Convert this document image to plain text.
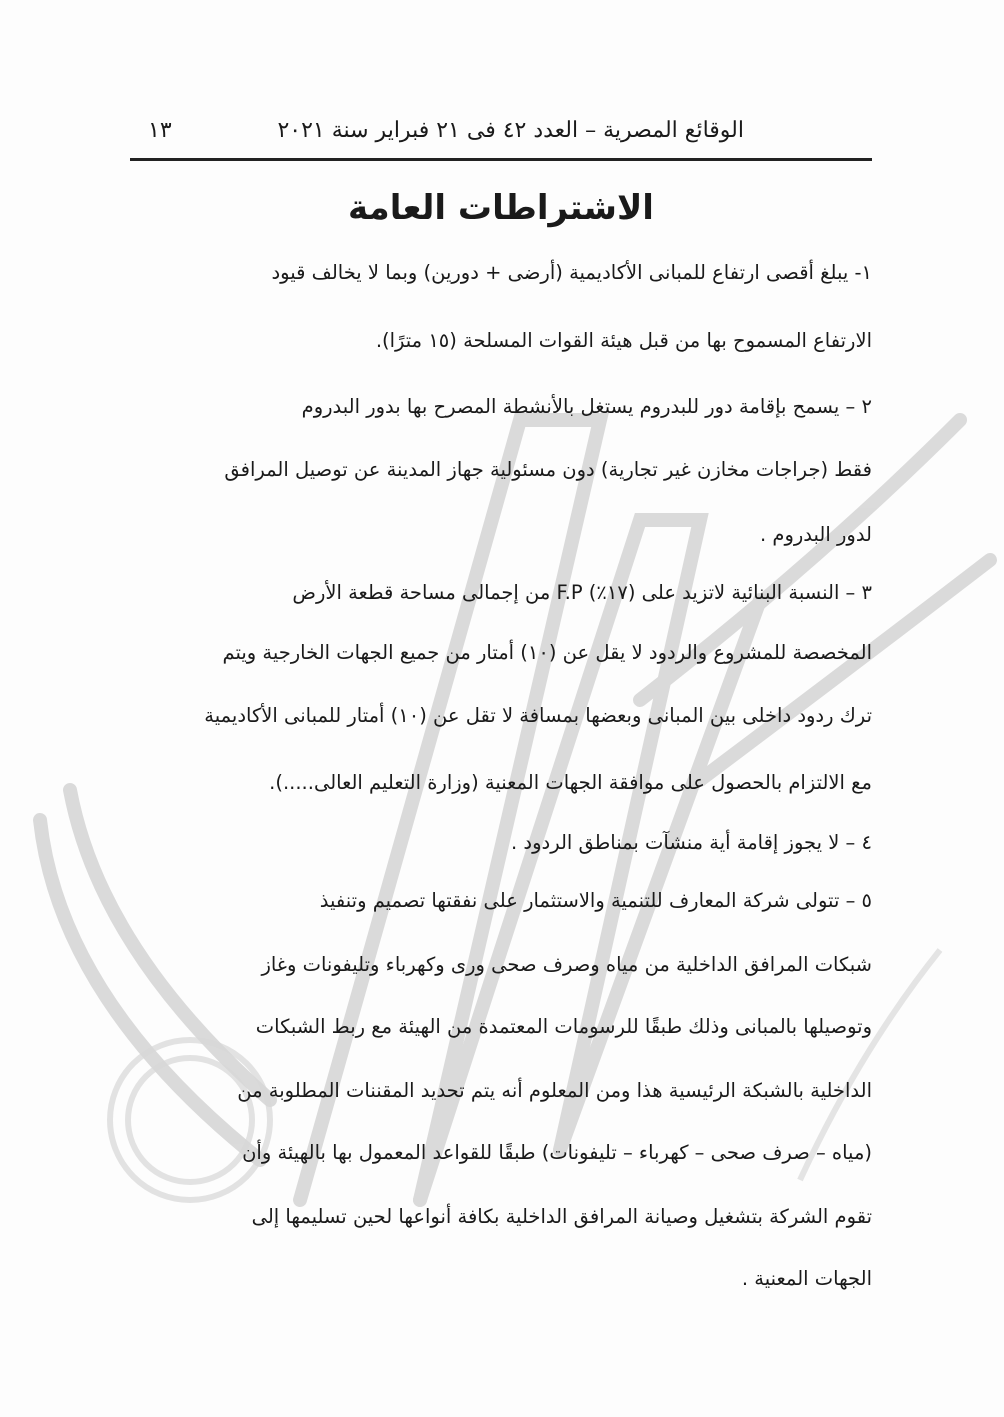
الوقائع المصرية – العدد ٤٢ فى ٢١ فبراير سنة ٢٠٢١
١٣
الاشتراطات العامة
١- يبلغ أقصى ارتفاع للمبانى الأكاديمية (أرضى + دورين) وبما لا يخالف قيود
الارتفاع المسموح بها من قبل هيئة القوات المسلحة (١٥ مترًا).
٢ – يسمح بإقامة دور للبدروم يستغل بالأنشطة المصرح بها بدور البدروم
فقط (جراجات مخازن غير تجارية) دون مسئولية جهاز المدينة عن توصيل المرافق
لدور البدروم .
٣ – النسبة البنائية لاتزيد على (١٧٪) F.P من إجمالى مساحة قطعة الأرض
المخصصة للمشروع والردود لا يقل عن (١٠) أمتار من جميع الجهات الخارجية ويتم
ترك ردود داخلى بين المبانى وبعضها بمسافة لا تقل عن (١٠) أمتار للمبانى الأكاديمية
مع الالتزام بالحصول على موافقة الجهات المعنية (وزارة التعليم العالى.....).
٤ – لا يجوز إقامة أية منشآت بمناطق الردود .
٥ – تتولى شركة المعارف للتنمية والاستثمار على نفقتها تصميم وتنفيذ
شبكات المرافق الداخلية من مياه وصرف صحى ورى وكهرباء وتليفونات وغاز
وتوصيلها بالمبانى وذلك طبقًا للرسومات المعتمدة من الهيئة مع ربط الشبكات
الداخلية بالشبكة الرئيسية هذا ومن المعلوم أنه يتم تحديد المقننات المطلوبة من
(مياه – صرف صحى – كهرباء – تليفونات) طبقًا للقواعد المعمول بها بالهيئة وأن
تقوم الشركة بتشغيل وصيانة المرافق الداخلية بكافة أنواعها لحين تسليمها إلى
الجهات المعنية .
